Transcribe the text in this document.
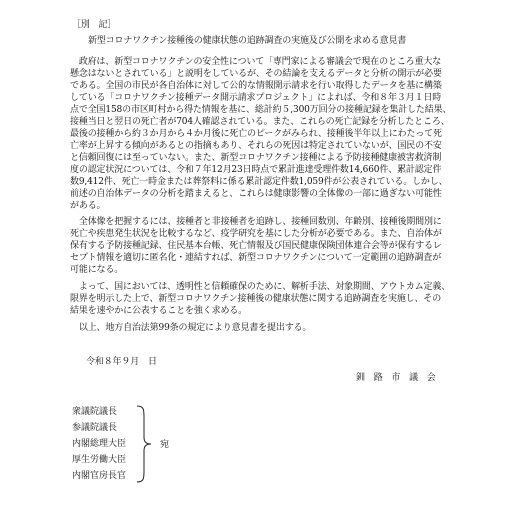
［別　記］
新型コロナワクチン接種後の健康状態の追跡調査の実施及び公開を求める意見書
　政府は、新型コロナワクチンの安全性について「専門家による審議会で現在のところ重大な
懸念はないとされている」と説明をしているが、その結論を支えるデータと分析の開示が必要
である。全国の市民が各自治体に対して公的な情報開示請求を行い取得したデータを基に構築
している「コロナワクチン接種データ開示請求プロジェクト」によれば、令和８年３月１日時
点で全国158の市区町村から得た情報を基に、総計約５,300万回分の接種記録を集計した結果、
接種当日と翌日の死亡者が704人確認されている。また、これらの死亡記録を分析したところ、
最後の接種から約３か月から４か月後に死亡のピークがみられ、接種後半年以上にわたって死
亡率が上昇する傾向があるとの指摘もあり、それらの死因は特定されていないが、国民の不安
と信頼回復には至っていない。また、新型コロナワクチン接種による予防接種健康被害救済制
度の認定状況については、令和７年12月23日時点で累計進達受理件数14,660件、累計認定件
数9,412件、死亡一時金または葬祭料に係る累計認定件数1,059件が公表されている。しかし、
前述の自治体データの分析を踏まえると、これらは健康影響の全体像の一部に過ぎない可能性
がある。
　全体像を把握するには、接種者と非接種者を追跡し、接種回数別、年齢別、接種後期間別に
死亡や疾患発生状況を比較するなど、疫学研究を基にした分析が必要である。また、自治体が
保有する予防接種記録、住民基本台帳、死亡情報及び国民健康保険団体連合会等が保有するレ
セプト情報を適切に匿名化・連結すれば、新型コロナワクチンについて一定範囲の追跡調査が
可能になる。
　よって、国においては、透明性と信頼確保のために、解析手法、対象期間、アウトカム定義、
限界を明示した上で、新型コロナワクチン接種後の健康状態に関する追跡調査を実施し、その
結果を速やかに公表することを強く求める。
　以上、地方自治法第99条の規定により意見書を提出する。
令和８年９月　日
釧　路　市　議　会
衆議院議長
参議院議長
内閣総理大臣
厚生労働大臣
内閣官房長官
宛
